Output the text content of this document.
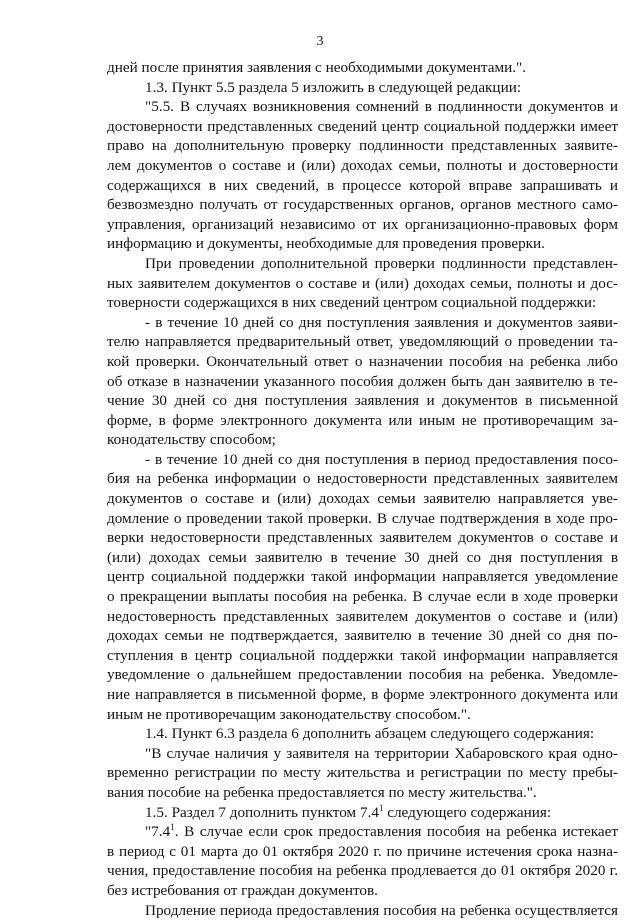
3
дней после принятия заявления с необходимыми документами.".
1.3. Пункт 5.5 раздела 5 изложить в следующей редакции:
"5.5. В случаях возникновения сомнений в подлинности документов и
достоверности представленных сведений центр социальной поддержки имеет
право на дополнительную проверку подлинности представленных заявите-
лем документов о составе и (или) доходах семьи, полноты и достоверности
содержащихся в них сведений, в процессе которой вправе запрашивать и
безвозмездно получать от государственных органов, органов местного само-
управления, организаций независимо от их организационно-правовых форм
информацию и документы, необходимые для проведения проверки.
При проведении дополнительной проверки подлинности представлен-
ных заявителем документов о составе и (или) доходах семьи, полноты и дос-
товерности содержащихся в них сведений центром социальной поддержки:
- в течение 10 дней со дня поступления заявления и документов заяви-
телю направляется предварительный ответ, уведомляющий о проведении та-
кой проверки. Окончательный ответ о назначении пособия на ребенка либо
об отказе в назначении указанного пособия должен быть дан заявителю в те-
чение 30 дней со дня поступления заявления и документов в письменной
форме, в форме электронного документа или иным не противоречащим за-
конодательству способом;
- в течение 10 дней со дня поступления в период предоставления посо-
бия на ребенка информации о недостоверности представленных заявителем
документов о составе и (или) доходах семьи заявителю направляется уве-
домление о проведении такой проверки. В случае подтверждения в ходе про-
верки недостоверности представленных заявителем документов о составе и
(или) доходах семьи заявителю в течение 30 дней со дня поступления в
центр социальной поддержки такой информации направляется уведомление
о прекращении выплаты пособия на ребенка. В случае если в ходе проверки
недостоверность представленных заявителем документов о составе и (или)
доходах семьи не подтверждается, заявителю в течение 30 дней со дня по-
ступления в центр социальной поддержки такой информации направляется
уведомление о дальнейшем предоставлении пособия на ребенка. Уведомле-
ние направляется в письменной форме, в форме электронного документа или
иным не противоречащим законодательству способом.".
1.4. Пункт 6.3 раздела 6 дополнить абзацем следующего содержания:
"В случае наличия у заявителя на территории Хабаровского края одно-
временно регистрации по месту жительства и регистрации по месту пребы-
вания пособие на ребенка предоставляется по месту жительства.".
1.5. Раздел 7 дополнить пунктом $7.4^1$ следующего содержания:
"$7.4^1$. В случае если срок предоставления пособия на ребенка истекает
в период с 01 марта до 01 октября 2020 г. по причине истечения срока назна-
чения, предоставление пособия на ребенка продлевается до 01 октября 2020 г.
без истребования от граждан документов.
Продление периода предоставления пособия на ребенка осуществляется
